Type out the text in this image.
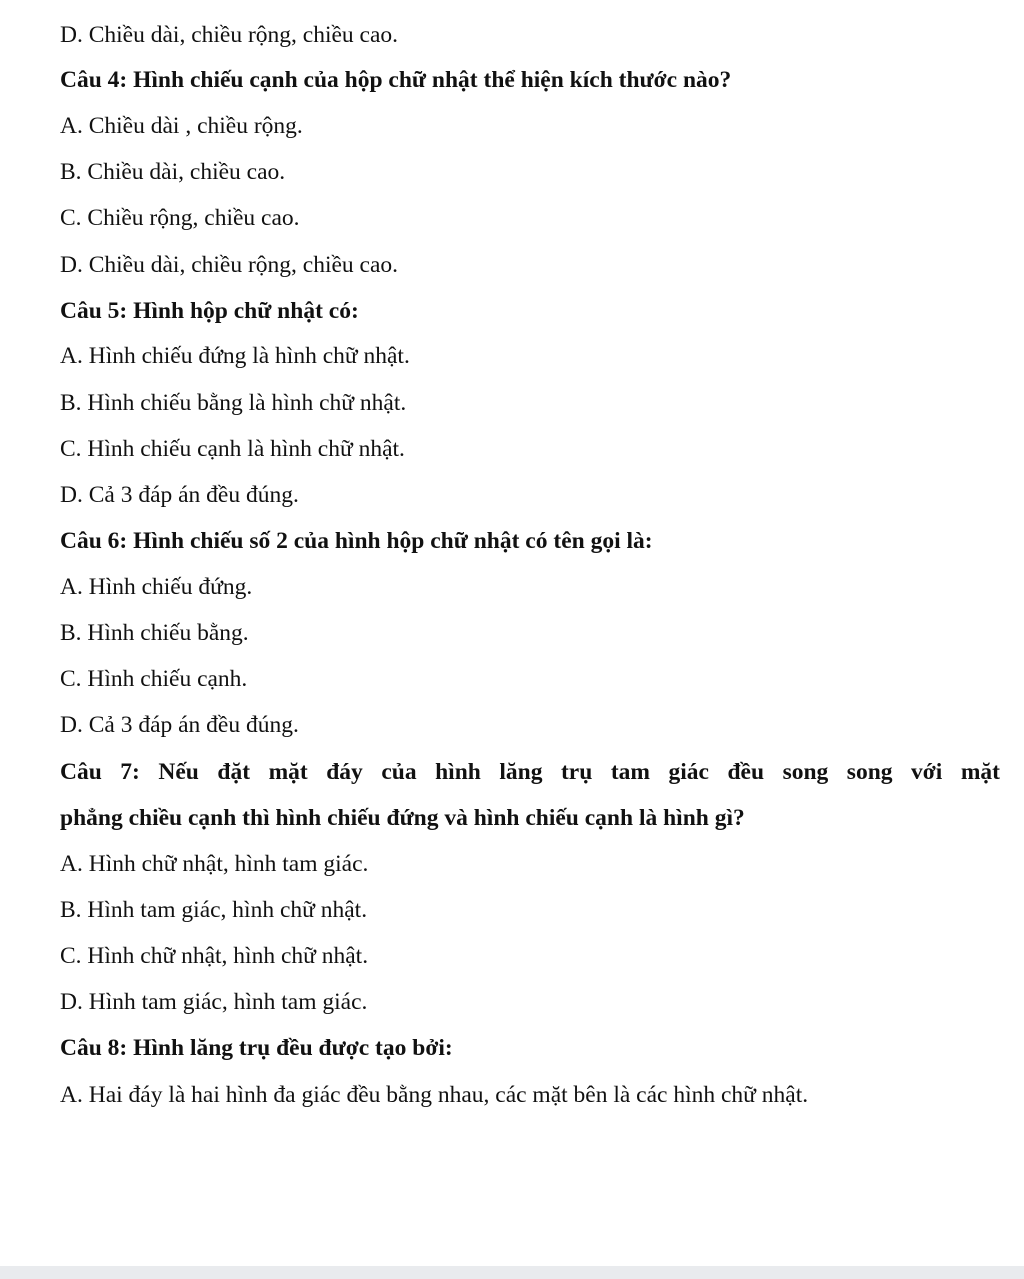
D. Chiều dài, chiều rộng, chiều cao.
Câu 4: Hình chiếu cạnh của hộp chữ nhật thể hiện kích thước nào?
A. Chiều dài , chiều rộng.
B. Chiều dài, chiều cao.
C. Chiều rộng, chiều cao.
D. Chiều dài, chiều rộng, chiều cao.
Câu 5: Hình hộp chữ nhật có:
A. Hình chiếu đứng là hình chữ nhật.
B. Hình chiếu bằng là hình chữ nhật.
C. Hình chiếu cạnh là hình chữ nhật.
D. Cả 3 đáp án đều đúng.
Câu 6: Hình chiếu số 2 của hình hộp chữ nhật có tên gọi là:
A. Hình chiếu đứng.
B. Hình chiếu bằng.
C. Hình chiếu cạnh.
D. Cả 3 đáp án đều đúng.
Câu 7: Nếu đặt mặt đáy của hình lăng trụ tam giác đều song song với mặt
phẳng chiều cạnh thì hình chiếu đứng và hình chiếu cạnh là hình gì?
A. Hình chữ nhật, hình tam giác.
B. Hình tam giác, hình chữ nhật.
C. Hình chữ nhật, hình chữ nhật.
D. Hình tam giác, hình tam giác.
Câu 8: Hình lăng trụ đều được tạo bởi:
A. Hai đáy là hai hình đa giác đều bằng nhau, các mặt bên là các hình chữ nhật.
